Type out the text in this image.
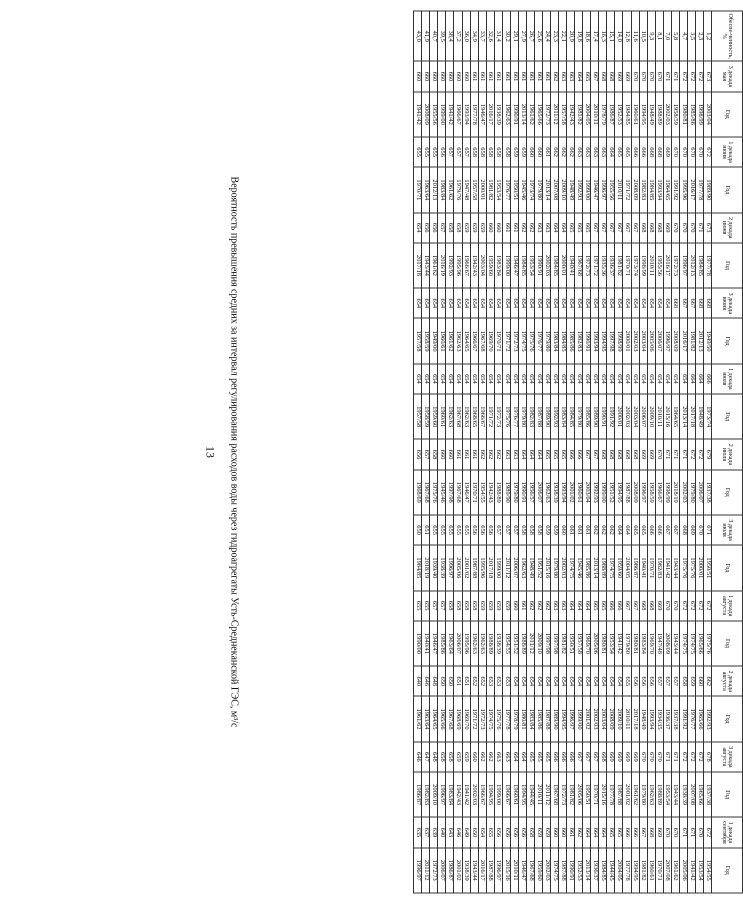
13 Вероятность превышения средних за интервал регулирования расходов воды через гидроагрегаты Усть-Среднеканской ГЭС, м³/с
Обеспе-ченность, %	3 декада мая	Год	1 декада июня	Год	2 декада июня	Год	3 декада июня	Год	1 декада июля	Год	2 декада июля	Год	3 декада июля	Год	1 декада августа	Год	2 декада августа	Год	3 декада августа	Год	1 декада сентября	Год
1,2	673	2003/04	672	1989/90	673	1977/78	668	1949/50	666	1973/74	679	1937/38	671	1950/51	672	1975/76	662	1992/93	678	1937/38	672	1954/55
2,3	672	1998/99	670	1977/78	671	1984/85	668	2012/13	664	1948/49	672	2006/07	670	2000/01	672	1965/66	660	1965/66	672	1965/66	670	1953/54
3,5	672	1985/86	670	2016/17	670	2012/13	667	1981/82	664	2017/18	672	1979/80	669	1975/76	672	1974/75	659	1976/77	672	2007/08	671	1941/42
4,7	672	1980/81	670	1995/96	670	1996/97	667	2016/17	654	2013/14	671	2002/03	668	1975/76	672	1974/75	658	1991/92	672	1938/39	671	2005/06
5,8	671	1958/59	670	1991/92	670	1972/73	668	2008/09	654	1964/65	671	2018/19	667	1943/44	670	1943/44	657	1937/38	671	1943/44	670	1961/62
7,0	671	2002/03	669	1964/65	669	2016/17	654	1996/97	654	2015/16	671	1998/99	667	1941/42	670	2008/09	657	1936/37	671	1953/54	670	2007/08
8,1	670	1988/89	668	1993/94	668	1955/56	654	2006/07	654	2010/11	670	1966/67	666	1982/83	669	1947/48	657	1934/35	670	1988/89	669	1970/71
9,3	670	1948/49	668	1984/85	668	2010/11	654	2005/06	654	2009/10	669	1958/59	666	1970/71	668	1969/70	656	1993/94	670	1962/63	668	1960/61
10,5	670	1994/95	666	1982/83	668	1998/99	654	2003/04	654	2006/07	669	1996/97	665	1940/41	668	1983/84	656	1948/49	670	1979/80	667	1981/82
11,6	670	1960/61	666	2008/09	667	1973/74	654	2002/03	654	2003/04	668	2008/09	665	1986/87	667	1980/81	656	2017/18	669	1961/62	666	1994/95
12,8	669	1984/85	665	1971/72	667	1970/71	654	2000/01	654	2002/03	668	1987/88	664	2004/05	667	1979/80	655	2010/11	669	2001/02	666	1977/78
14,0	669	1952/53	665	2010/11	667	1981/82	654	1998/99	654	2000/01	668	1994/95	664	1959/60	666	1941/42	654	2009/10	669	1987/88	665	2004/05
15,1	668	1986/87	664	1955/56	667	1936/37	654	1997/98	654	1991/92	668	1951/52	662	1974/75	666	1953/54	654	2008/09	669	1977/78	665	1944/45
16,3	668	1978/79	663	1996/97	667	1935/36	654	1994/95	654	1990/91	668	1999/00	662	1988/89	665	1980/81	654	2003/04	668	2015/16	664	1984/85
17,4	667	2010/11	663	1946/47	667	1971/72	654	1993/94	654	1989/90	667	1992/93	662	2013/14	665	2005/06	654	2002/03	667	1970/71	664	1936/37
18,6	665	2004/05	663	1999/00	665	1972/73	654	1990/91	654	1985/86	667	2003/04	661	1985/86	664	1969/70	654	2001/02	667	1950/51	664	2013/14
19,8	664	1981/82	663	1992/93	665	1967/68	654	1982/83	654	1979/80	666	1960/61	661	1945/46	664	1957/58	654	1999/00	667	2005/06	662	1952/53
20,9	663	1942/43	662	1948/49	665	1940/41	654	1985/86	654	1984/85	666	2001/02	661	1974/75	664	1950/51	654	1996/97	666	1981/82	661	1990/91
22,1	663	1957/58	662	2009/10	664	2000/01	654	1984/85	654	1983/84	665	1993/94	660	2002/03	663	1981/82	654	1994/95	666	1972/73	660	1987/88
23,3	662	2011/12	662	2007/08	664	1984/85	654	1983/84	654	1992/93	665	1938/39	659	1979/80	663	1997/98	654	1989/90	666	1967/68	660	1974/75
24,4	661	1972/73	661	2013/14	663	2002/03	654	1979/80	654	1989/90	665	1962/63	659	2015/16	662	1997/98	654	1987/88	665	2011/12	659	2002/03
25,6	661	1965/66	660	1979/80	663	1990/91	654	1976/77	654	1987/88	664	2006/07	658	1951/52	662	2009/10	654	1985/86	665	2010/11	659	1959/60
26,7	661	1961/62	660	1973/74	662	1953/54	654	1975/76	654	1982/83	664	1956/57	658	1948/49	662	2011/12	654	1983/84	665	1944/45	658	1967/68
27,9	661	2013/14	659	1945/46	662	1984/85	654	1974/75	654	1979/80	664	1990/91	658	1962/63	661	1988/89	654	1980/81	664	1994/95	656	1946/47
29,1	661	1990/91	659	1950/51	661	1946/47	654	1972/73	654	1976/77	663	1979/80	657	2006/07	660	1951/52	654	1978/79	664	1960/61	656	2010/11
30,2	661	1962/63	658	1976/77	661	1999/00	654	1971/72	654	1975/76	663	1989/90	657	2011/12	659	1954/55	653	1977/78	663	1966/67	656	2015/16
31,4	661	1938/39	658	1953/54	660	1983/84	654	1970/71	654	1972/73	662	1988/89	657	1999/00	659	1938/39	653	1975/76	663	1999/00	656	1996/97
32,6	661	2016/17	658	1981/82	660	1959/60	654	1969/70	654	1971/72	662	1942/43	656	2017/18	659	1988/89	653	1974/75	662	1994/95	655	1987/88
33,7	661	1946/47	658	2000/01	659	2003/04	654	1967/68	654	1966/67	662	1954/55	656	1995/96	659	1962/63	652	1972/73	662	1966/67	654	2016/17
34,9	661	1977/78	658	1957/58	659	1942/43	654	1966/67	654	1968/65	661	1970/71	656	1987/88	658	1962/63	652	1971/72	660	2002/03	650	1943/44
36,0	660	1993/94	657	1947/48	659	1966/67	654	1964/65	654	1962/63	661	1946/47	655	2001/02	658	1995/96	651	1969/70	659	1941/42	649	1938/39
37,2	660	1966/67	657	1979/76	658	1995/96	654	1962/63	654	1967/68	661	1967/68	655	2005/06	658	2006/07	651	1968/69	659	1942/43	646	2001/02
38,4	660	1941/42	657	1961/62	658	1992/93	654	1961/62	654	1962/63	660	1997/98	655	1996/97	658	1963/64	650	1967/68	658	1983/84	643	1986/87
39,5	660	1999/00	656	1983/84	657	2016/19	654	1960/61	654	1960/61	660	1945/46	655	1938/39	657	1985/86	650	1965/66	658	1996/97	640	2006/07
40,7	660	1955/56	655	2012/13	656	1961/62	654	1949/00	654	1959/60	658	1975/76	655	1939/40	657	1946/47	648	1964/65	648	2009/10	639	1972/73
41,9	660	2008/09	655	1963/64	656	1943/44	654	1958/59	654	1958/59	657	1967/68	651	2018/19	655	1940/41	646	1963/64	647	1982/83	637	2011/12
43,0	660	1941/42	655	1970/71	654	2017/18	654	1957/58	654	1957/58	656	1968/69	650	1984/85	655	1990/00	640	1961/62	646	1986/87	635	1996/97
